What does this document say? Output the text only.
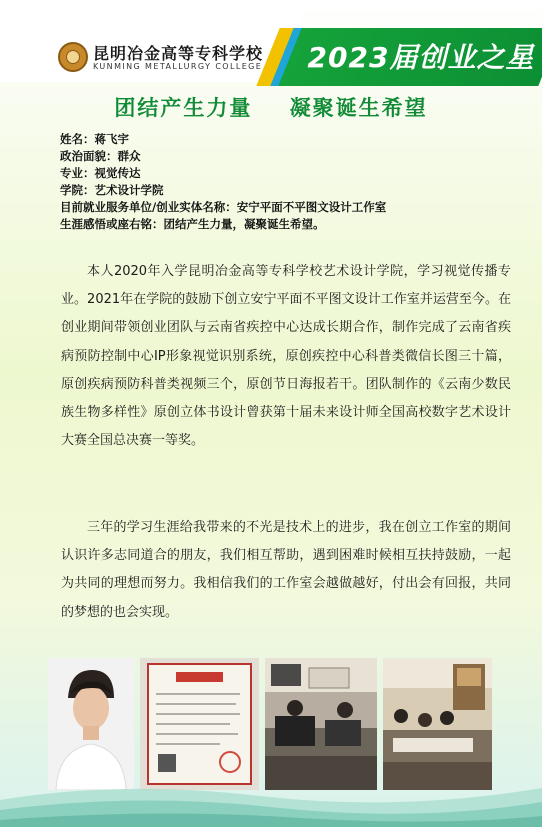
2023届创业之星
昆明冶金高等专科学校
KUNMING METALLURGY COLLEGE
团结产生力量    凝聚诞生希望
姓名：蒋飞宇
政治面貌：群众
专业：视觉传达
学院：艺术设计学院
目前就业服务单位/创业实体名称：安宁平面不平图文设计工作室
生涯感悟或座右铭：团结产生力量，凝聚诞生希望。
本人2020年入学昆明冶金高等专科学校艺术设计学院，学习视觉传播专业。2021年在学院的鼓励下创立安宁平面不平图文设计工作室并运营至今。在创业期间带领创业团队与云南省疾控中心达成长期合作，制作完成了云南省疾病预防控制中心IP形象视觉识别系统，原创疾控中心科普类微信长图三十篇，原创疾病预防科普类视频三个，原创节日海报若干。团队制作的《云南少数民族生物多样性》原创立体书设计曾获第十届未来设计师全国高校数字艺术设计大赛全国总决赛一等奖。
三年的学习生涯给我带来的不光是技术上的进步，我在创立工作室的期间认识许多志同道合的朋友，我们相互帮助，遇到困难时候相互扶持鼓励，一起为共同的理想而努力。我相信我们的工作室会越做越好，付出会有回报，共同的梦想的也会实现。
